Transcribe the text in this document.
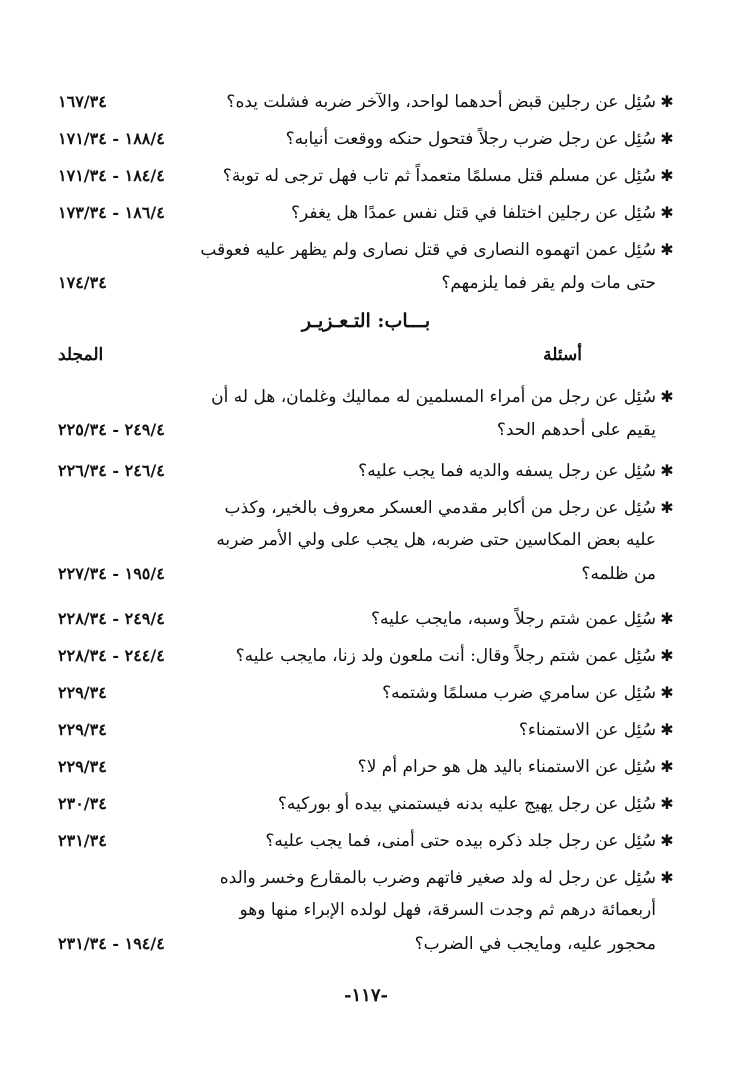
✱
سُئِل عن رجلين قبض أحدهما لواحد، والآخر ضربه فشلت يده؟
١٦٧/٣٤
✱
سُئِل عن رجل ضرب رجلاً فتحول حنكه ووقعت أنيابه؟
١٨٨/٤ - ١٧١/٣٤
✱
سُئِل عن مسلم قتل مسلمًا متعمداً ثم تاب فهل ترجى له توبة؟
١٨٤/٤ - ١٧١/٣٤
✱
سُئِل عن رجلين اختلفا في قتل نفس عمدًا هل يغفر؟
١٨٦/٤ - ١٧٣/٣٤
✱
سُئِل عمن اتهموه النصارى في قتل نصارى ولم يظهر عليه فعوقب
حتى مات ولم يقر فما يلزمهم؟
١٧٤/٣٤
بـــاب: التـعـزيـر
أسئلة
المجلد
✱
سُئِل عن رجل من أمراء المسلمين له مماليك وغلمان، هل له أن
يقيم على أحدهم الحد؟
٢٤٩/٤ - ٢٢٥/٣٤
✱
سُئِل عن رجل يسفه والديه فما يجب عليه؟
٢٤٦/٤ - ٢٢٦/٣٤
✱
سُئِل عن رجل من أكابر مقدمي العسكر معروف بالخير، وكذب
عليه بعض المكاسين حتى ضربه، هل يجب على ولي الأمر ضربه
من ظلمه؟
١٩٥/٤ - ٢٢٧/٣٤
✱
سُئِل عمن شتم رجلاً وسبه، مايجب عليه؟
٢٤٩/٤ - ٢٢٨/٣٤
✱
سُئِل عمن شتم رجلاً وقال: أنت ملعون ولد زنا، مايجب عليه؟
٢٤٤/٤ - ٢٢٨/٣٤
✱
سُئِل عن سامري ضرب مسلمًا وشتمه؟
٢٢٩/٣٤
✱
سُئِل عن الاستمناء؟
٢٢٩/٣٤
✱
سُئِل عن الاستمناء باليد هل هو حرام أم لا؟
٢٢٩/٣٤
✱
سُئِل عن رجل يهيج عليه بدنه فيستمني بيده أو بوركيه؟
٢٣٠/٣٤
✱
سُئِل عن رجل جلد ذكره بيده حتى أمنى، فما يجب عليه؟
٢٣١/٣٤
✱
سُئِل عن رجل له ولد صغير فاتهم وضرب بالمقارع وخسر والده
أربعمائة درهم ثم وجدت السرقة، فهل لولده الإبراء منها وهو
محجور عليه، ومايجب في الضرب؟
١٩٤/٤ - ٢٣١/٣٤
-١١٧-
